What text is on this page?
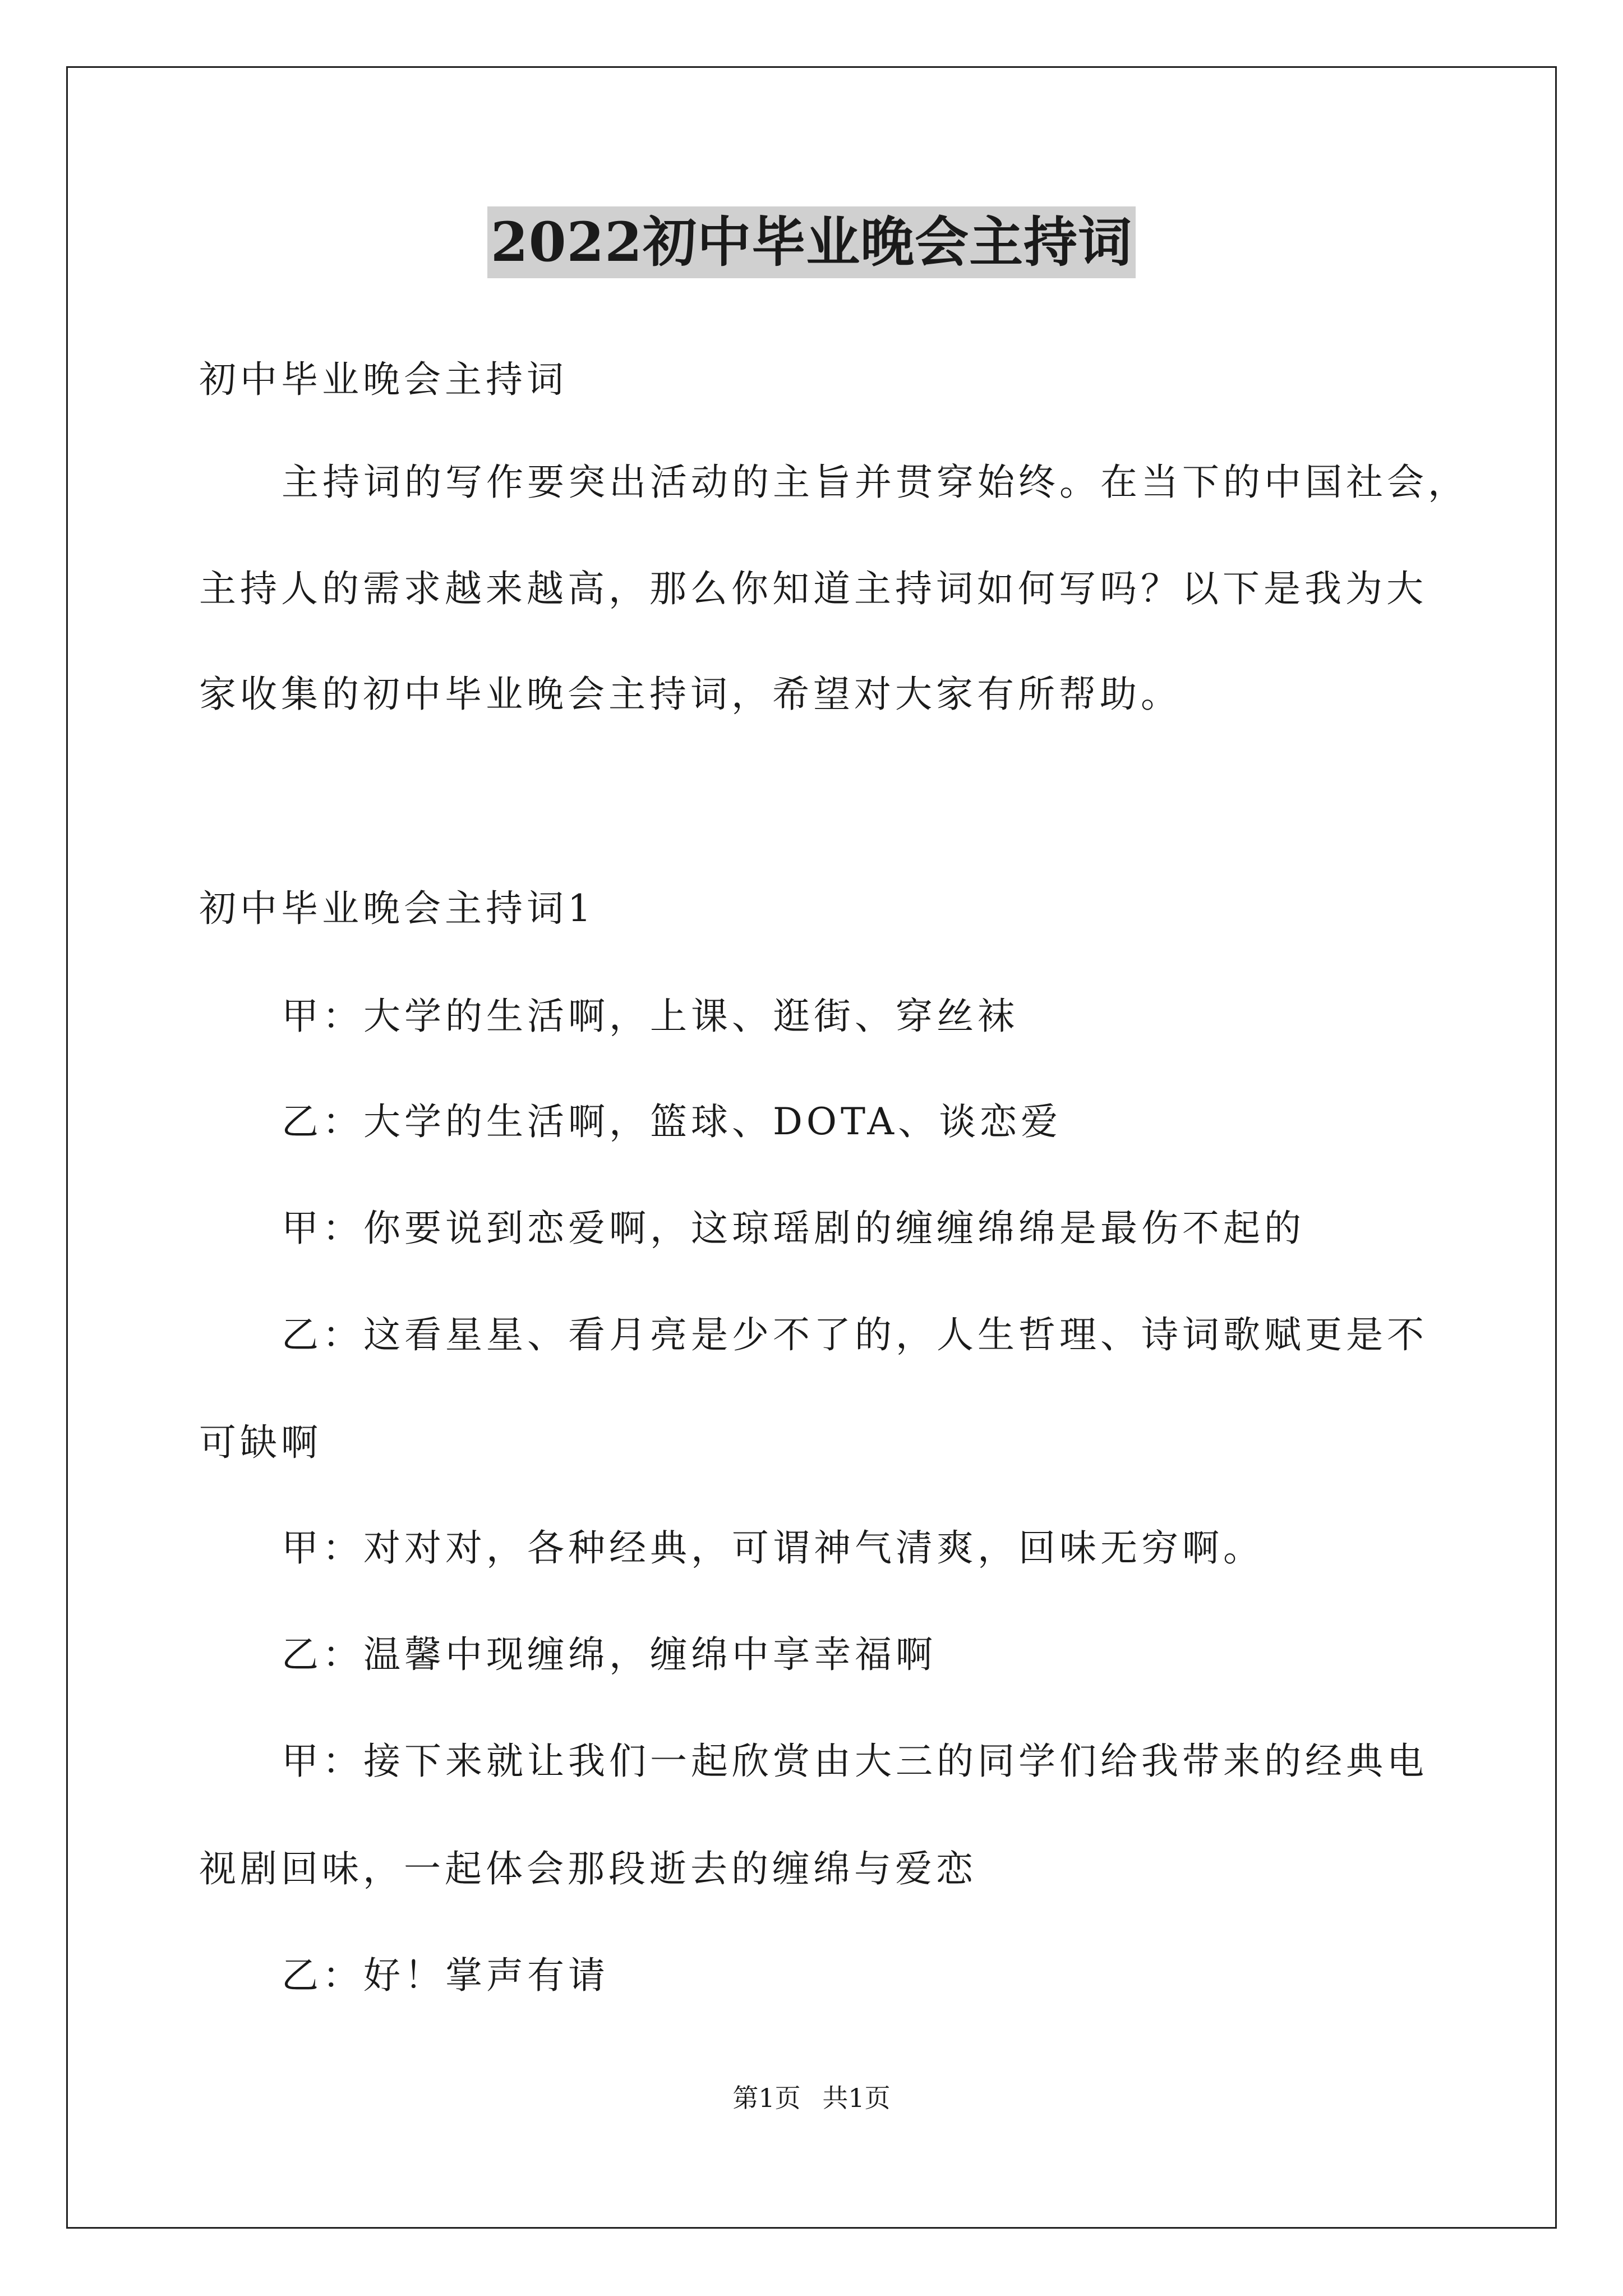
2022初中毕业晚会主持词
初中毕业晚会主持词
主持词的写作要突出活动的主旨并贯穿始终。在当下的中国社会，
主持人的需求越来越高，那么你知道主持词如何写吗？以下是我为大
家收集的初中毕业晚会主持词，希望对大家有所帮助。
初中毕业晚会主持词1
甲：大学的生活啊，上课、逛街、穿丝袜
乙：大学的生活啊，篮球、DOTA、谈恋爱
甲：你要说到恋爱啊，这琼瑶剧的缠缠绵绵是最伤不起的
乙：这看星星、看月亮是少不了的，人生哲理、诗词歌赋更是不
可缺啊
甲：对对对，各种经典，可谓神气清爽，回味无穷啊。
乙：温馨中现缠绵，缠绵中享幸福啊
甲：接下来就让我们一起欣赏由大三的同学们给我带来的经典电
视剧回味，一起体会那段逝去的缠绵与爱恋
乙：好！掌声有请
第1页 共1页
